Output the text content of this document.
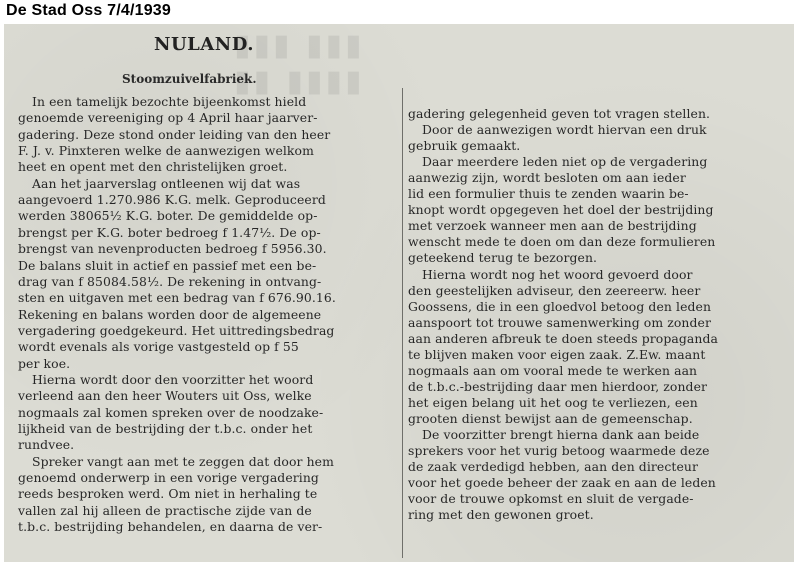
De Stad Oss 7/4/1939
▮▮▮ ▮▮▮
▮▮ ▮▮▮▮
NULAND.
Stoomzuivelfabriek.
In een tamelijk bezochte bijeenkomst hield
genoemde vereeniging op 4 April haar jaarver-
gadering. Deze stond onder leiding van den heer
F. J. v. Pinxteren welke de aanwezigen welkom
heet en opent met den christelijken groet.
Aan het jaarverslag ontleenen wij dat was
aangevoerd 1.270.986 K.G. melk. Geproduceerd
werden 38065½ K.G. boter. De gemiddelde op-
brengst per K.G. boter bedroeg f 1.47½. De op-
brengst van nevenproducten bedroeg f 5956.30.
De balans sluit in actief en passief met een be-
drag van f 85084.58½. De rekening in ontvang-
sten en uitgaven met een bedrag van f 676.90.16.
Rekening en balans worden door de algemeene
vergadering goedgekeurd. Het uittredingsbedrag
wordt evenals als vorige vastgesteld op f 55
per koe.
Hierna wordt door den voorzitter het woord
verleend aan den heer Wouters uit Oss, welke
nogmaals zal komen spreken over de noodzake-
lijkheid van de bestrijding der t.b.c. onder het
rundvee.
Spreker vangt aan met te zeggen dat door hem
genoemd onderwerp in een vorige vergadering
reeds besproken werd. Om niet in herhaling te
vallen zal hij alleen de practische zijde van de
t.b.c. bestrijding behandelen, en daarna de ver-
gadering gelegenheid geven tot vragen stellen.
Door de aanwezigen wordt hiervan een druk
gebruik gemaakt.
Daar meerdere leden niet op de vergadering
aanwezig zijn, wordt besloten om aan ieder
lid een formulier thuis te zenden waarin be-
knopt wordt opgegeven het doel der bestrijding
met verzoek wanneer men aan de bestrijding
wenscht mede te doen om dan deze formulieren
geteekend terug te bezorgen.
Hierna wordt nog het woord gevoerd door
den geestelijken adviseur, den zeereerw. heer
Goossens, die in een gloedvol betoog den leden
aanspoort tot trouwe samenwerking om zonder
aan anderen afbreuk te doen steeds propaganda
te blijven maken voor eigen zaak. Z.Ew. maant
nogmaals aan om vooral mede te werken aan
de t.b.c.-bestrijding daar men hierdoor, zonder
het eigen belang uit het oog te verliezen, een
grooten dienst bewijst aan de gemeenschap.
De voorzitter brengt hierna dank aan beide
sprekers voor het vurig betoog waarmede deze
de zaak verdedigd hebben, aan den directeur
voor het goede beheer der zaak en aan de leden
voor de trouwe opkomst en sluit de vergade-
ring met den gewonen groet.
